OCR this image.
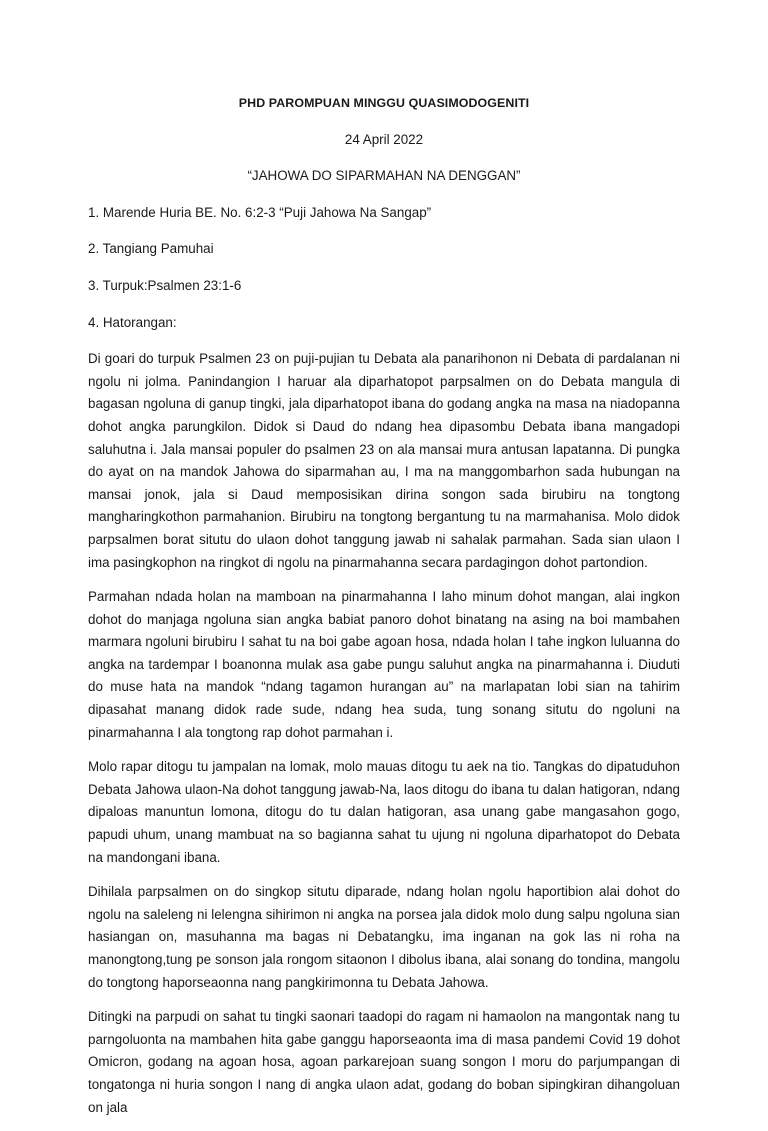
PHD PAROMPUAN MINGGU QUASIMODOGENITI
24 April 2022
“JAHOWA DO SIPARMAHAN NA DENGGAN”
1. Marende Huria BE. No. 6:2-3 “Puji Jahowa Na Sangap”
2. Tangiang Pamuhai
3. Turpuk:Psalmen 23:1-6
4. Hatorangan:

Di goari do turpuk Psalmen 23 on puji-pujian tu Debata ala panarihonon ni Debata di pardalanan ni ngolu ni jolma. Panindangion I haruar ala diparhatopot parpsalmen on do Debata mangula di bagasan ngoluna di ganup tingki, jala diparhatopot ibana do godang angka na masa na niadopanna dohot angka parungkilon. Didok si Daud do ndang hea dipasombu Debata ibana mangadopi saluhutna i. Jala mansai populer do psalmen 23 on ala mansai mura antusan lapatanna. Di pungka do ayat on na mandok Jahowa do siparmahan au, I ma na manggombarhon sada hubungan na mansai jonok, jala si Daud memposisikan dirina songon sada birubiru na tongtong mangharingkothon parmahanion. Birubiru na tongtong bergantung tu na marmahanisa. Molo didok parpsalmen borat situtu do ulaon dohot tanggung jawab ni sahalak parmahan. Sada sian ulaon I ima pasingkophon na ringkot di ngolu na pinarmahanna secara pardagingon dohot partondion.

Parmahan ndada holan na mamboan na pinarmahanna I laho minum dohot mangan, alai ingkon dohot do manjaga ngoluna sian angka babiat panoro dohot binatang na asing na boi mambahen marmara ngoluni birubiru I sahat tu na boi gabe agoan hosa, ndada holan I tahe ingkon luluanna do angka na tardempar I boanonna mulak asa gabe pungu saluhut angka na pinarmahanna i. Diuduti do muse hata na mandok “ndang tagamon hurangan au” na marlapatan lobi sian na tahirim dipasahat manang didok rade sude, ndang hea suda, tung sonang situtu do ngoluni na pinarmahanna I ala tongtong rap dohot parmahan i.

Molo rapar ditogu tu jampalan na lomak, molo mauas ditogu tu aek na tio. Tangkas do dipatuduhon Debata Jahowa ulaon-Na dohot tanggung jawab-Na, laos ditogu do ibana tu dalan hatigoran, ndang dipaloas manuntun lomona, ditogu do tu dalan hatigoran, asa unang gabe mangasahon gogo, papudi uhum, unang mambuat na so bagianna sahat tu ujung ni ngoluna diparhatopot do Debata na mandongani ibana.

Dihilala parpsalmen on do singkop situtu diparade, ndang holan ngolu haportibion alai dohot do ngolu na saleleng ni lelengna sihirimon ni angka na porsea jala didok molo dung salpu ngoluna sian hasiangan on, masuhanna ma bagas ni Debatangku, ima inganan na gok las ni roha na manongtong,tung pe sonson jala rongom sitaonon I dibolus ibana, alai sonang do tondina, mangolu do tongtong haporseaonna nang pangkirimonna tu Debata Jahowa.

Ditingki na parpudi on sahat tu tingki saonari taadopi do ragam ni hamaolon na mangontak nang tu parngoluonta na mambahen hita gabe ganggu haporseaonta ima di masa pandemi Covid 19 dohot Omicron, godang na agoan hosa, agoan parkarejoan suang songon I moru do parjumpangan di tongatonga ni huria songon I nang di angka ulaon adat, godang do boban sipingkiran dihangoluan on jala
